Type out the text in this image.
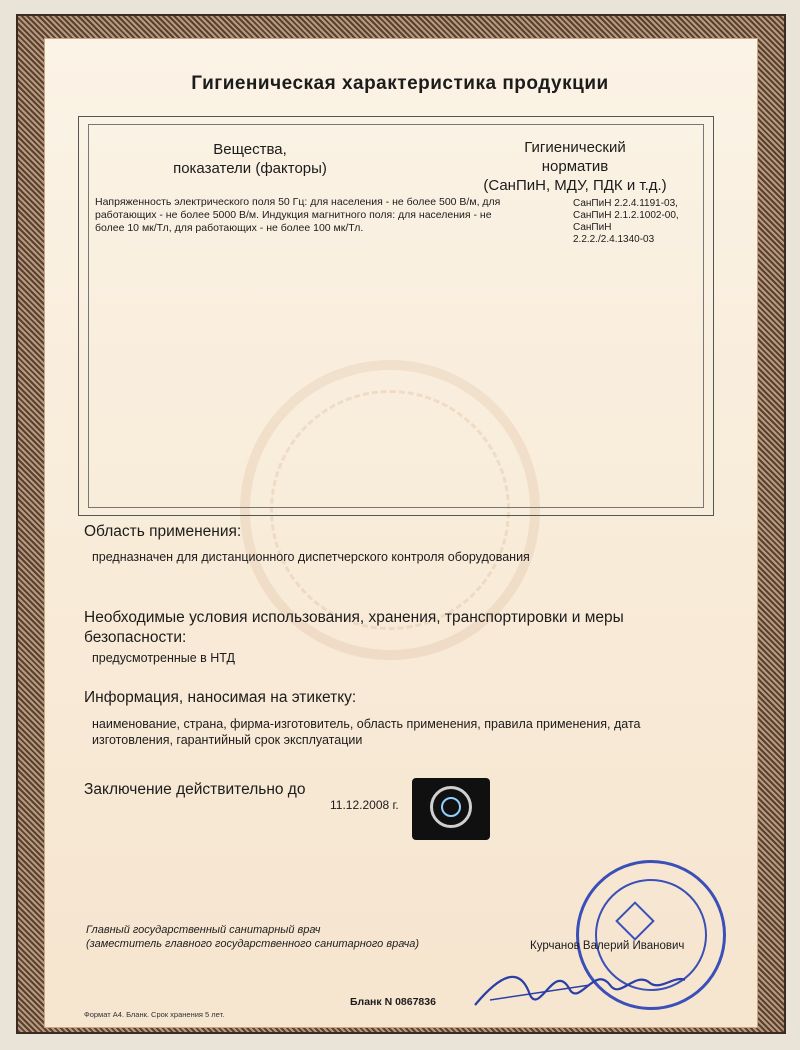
Гигиеническая характеристика продукции
Вещества,
показатели (факторы)
Гигиенический
норматив
(СанПиН, МДУ, ПДК и т.д.)
Напряженность электрического поля 50 Гц: для населения - не более 500 В/м, для работающих - не более 5000 В/м. Индукция магнитного поля: для населения - не более 10 мк/Тл, для работающих - не более 100 мк/Тл.
СанПиН 2.2.4.1191-03,
СанПиН 2.1.2.1002-00,
СанПиН
2.2.2./2.4.1340-03
Область применения:
предназначен для дистанционного диспетчерского контроля оборудования
Необходимые условия использования, хранения, транспортировки и меры
безопасности:
предусмотренные в НТД
Информация, наносимая на этикетку:
наименование, страна, фирма-изготовитель, область применения, правила применения, дата
изготовления, гарантийный срок эксплуатации
Заключение действительно до
11.12.2008 г.
Главный государственный санитарный врач
(заместитель главного государственного санитарного врача)	Курчанов Валерий Иванович
Бланк N 0867836
Формат А4. Бланк. Срок хранения 5 лет.
